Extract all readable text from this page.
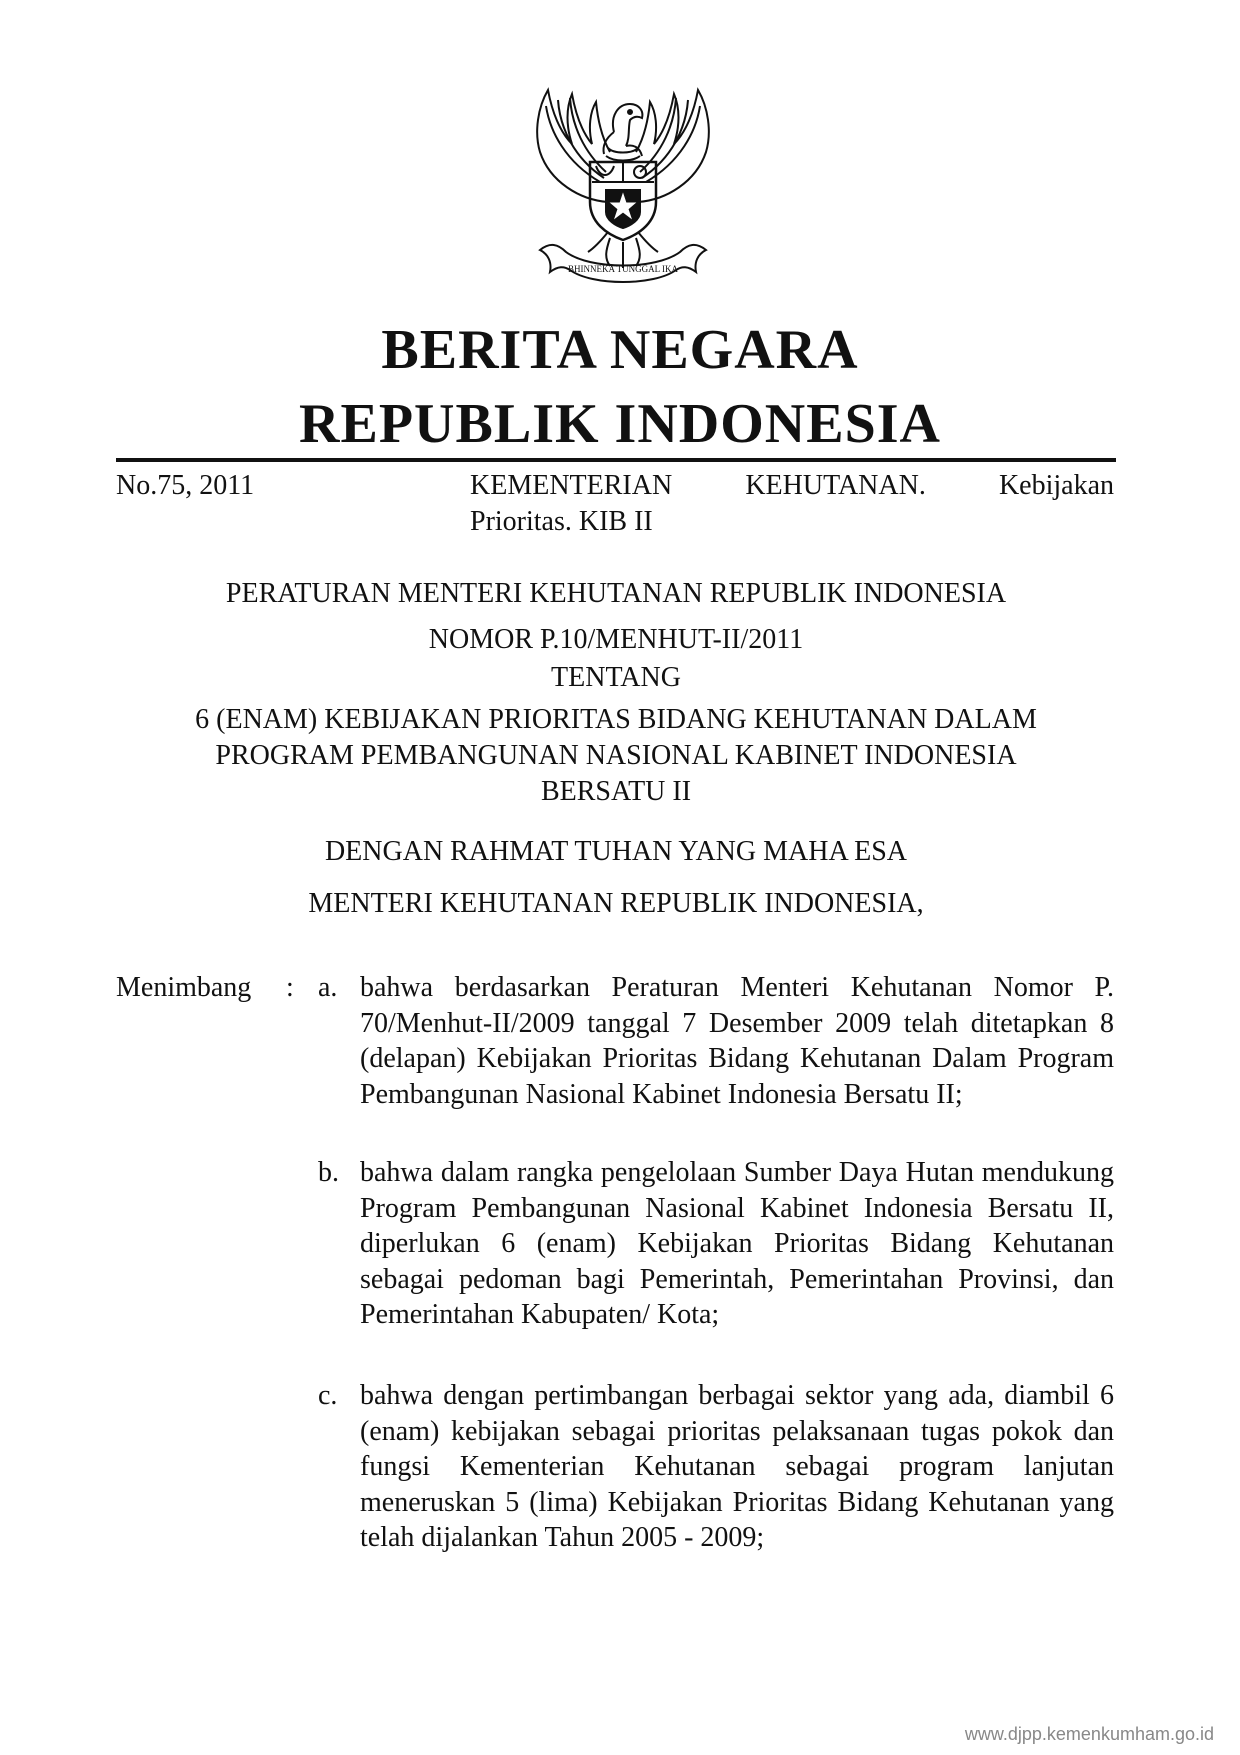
BHINNEKA TUNGGAL IKA
BERITA NEGARA
REPUBLIK INDONESIA
No.75, 2011	KEMENTERIAN	KEHUTANAN.	Kebijakan
Prioritas. KIB II
PERATURAN MENTERI KEHUTANAN REPUBLIK INDONESIA
NOMOR P.10/MENHUT-II/2011
TENTANG
6 (ENAM) KEBIJAKAN PRIORITAS BIDANG KEHUTANAN DALAM PROGRAM PEMBANGUNAN NASIONAL KABINET INDONESIA BERSATU II
DENGAN RAHMAT TUHAN YANG MAHA ESA
MENTERI KEHUTANAN REPUBLIK INDONESIA,
Menimbang : a. bahwa berdasarkan Peraturan Menteri Kehutanan Nomor P. 70/Menhut-II/2009 tanggal 7 Desember 2009 telah ditetapkan 8 (delapan) Kebijakan Prioritas Bidang Kehutanan Dalam Program Pembangunan Nasional Kabinet Indonesia Bersatu II;
b. bahwa dalam rangka pengelolaan Sumber Daya Hutan mendukung Program Pembangunan Nasional Kabinet Indonesia Bersatu II, diperlukan 6 (enam) Kebijakan Prioritas Bidang Kehutanan sebagai pedoman bagi Pemerintah, Pemerintahan Provinsi, dan Pemerintahan Kabupaten/ Kota;
c. bahwa dengan pertimbangan berbagai sektor yang ada, diambil 6 (enam) kebijakan sebagai prioritas pelaksanaan tugas pokok dan fungsi Kementerian Kehutanan sebagai program lanjutan meneruskan 5 (lima) Kebijakan Prioritas Bidang Kehutanan yang telah dijalankan Tahun 2005 - 2009;
www.djpp.kemenkumham.go.id
